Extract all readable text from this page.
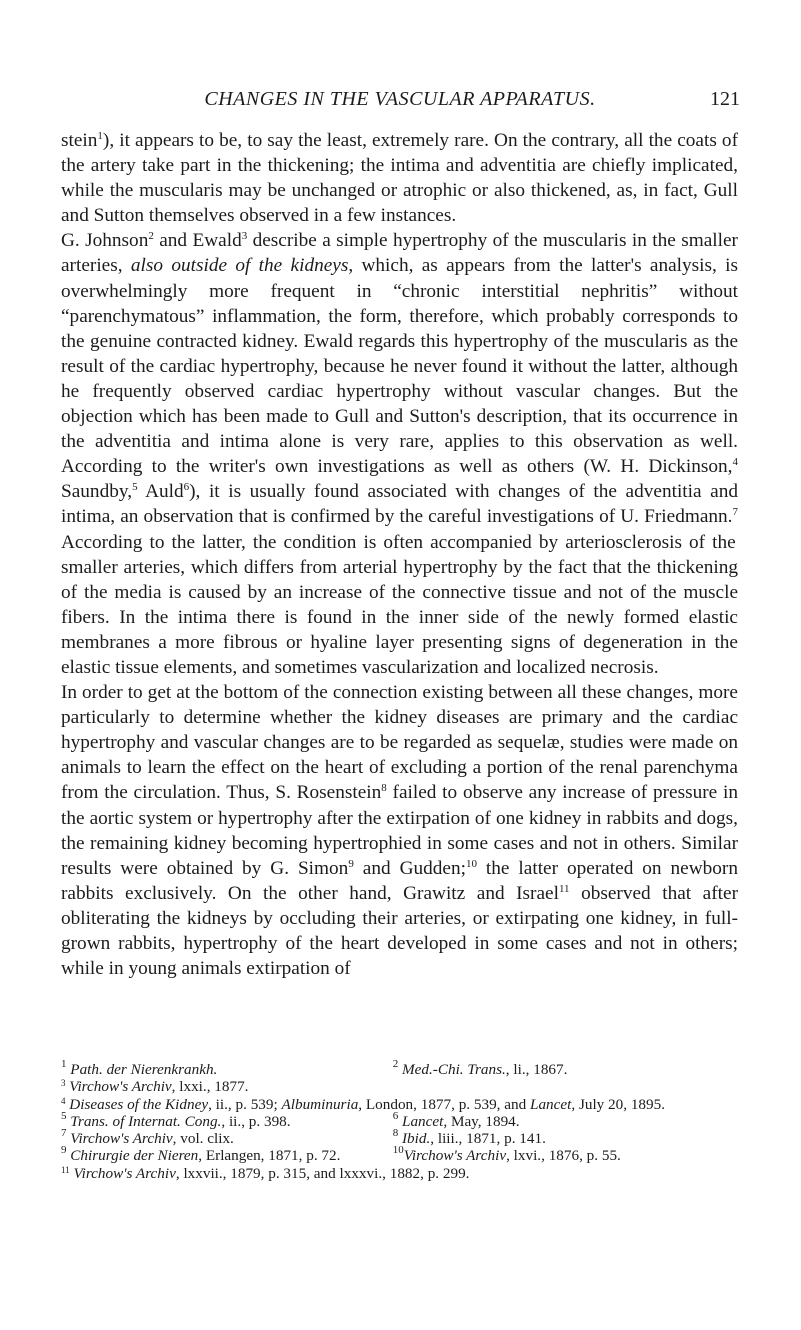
CHANGES IN THE VASCULAR APPARATUS.	121

stein$^1$), it appears to be, to say the least, extremely rare. On the contrary, all the coats of the artery take part in the thickening; the intima and adventitia are chiefly implicated, while the muscularis may be unchanged or atrophic or also thickened, as, in fact, Gull and Sutton themselves observed in a few instances.

G. Johnson$^2$ and Ewald$^3$ describe a simple hypertrophy of the muscularis in the smaller arteries, also outside of the kidneys, which, as appears from the latter's analysis, is overwhelmingly more frequent in “chronic interstitial nephritis” without “parenchymatous” inflammation, the form, therefore, which probably corresponds to the genuine contracted kidney. Ewald regards this hypertrophy of the muscularis as the result of the cardiac hypertrophy, because he never found it without the latter, although he frequently observed cardiac hypertrophy without vascular changes. But the objection which has been made to Gull and Sutton's description, that its occurrence in the adventitia and intima alone is very rare, applies to this observation as well. According to the writer's own investigations as well as others (W. H. Dickinson,$^4$ Saundby,$^5$ Auld$^6$), it is usually found associated with changes of the adventitia and intima, an observation that is confirmed by the careful investigations of U. Friedmann.$^7$ According to the latter, the condition is often accompanied by arteriosclerosis of the smaller arteries, which differs from arterial hypertrophy by the fact that the thickening of the media is caused by an increase of the connective tissue and not of the muscle fibers. In the intima there is found in the inner side of the newly formed elastic membranes a more fibrous or hyaline layer presenting signs of degeneration in the elastic tissue elements, and sometimes vascularization and localized necrosis.

In order to get at the bottom of the connection existing between all these changes, more particularly to determine whether the kidney diseases are primary and the cardiac hypertrophy and vascular changes are to be regarded as sequelæ, studies were made on animals to learn the effect on the heart of excluding a portion of the renal parenchyma from the circulation. Thus, S. Rosenstein$^8$ failed to observe any increase of pressure in the aortic system or hypertrophy after the extirpation of one kidney in rabbits and dogs, the remaining kidney becoming hypertrophied in some cases and not in others. Similar results were obtained by G. Simon$^9$ and Gudden;$^{10}$ the latter operated on newborn rabbits exclusively. On the other hand, Grawitz and Israel$^{11}$ observed that after obliterating the kidneys by occluding their arteries, or extirpating one kidney, in full-grown rabbits, hypertrophy of the heart developed in some cases and not in others; while in young animals extirpation of

$^1$ Path. der Nierenkrankh.	$^2$ Med.-Chi. Trans., li., 1867.
$^3$ Virchow's Archiv, lxxi., 1877.
$^4$ Diseases of the Kidney, ii., p. 539; Albuminuria, London, 1877, p. 539, and Lancet, July 20, 1895.
$^5$ Trans. of Internat. Cong., ii., p. 398.	$^6$ Lancet, May, 1894.
$^7$ Virchow's Archiv, vol. clix.	$^8$ Ibid., liii., 1871, p. 141.
$^9$ Chirurgie der Nieren, Erlangen, 1871, p. 72.	$^{10}$Virchow's Archiv, lxvi., 1876, p. 55.
$^{11}$ Virchow's Archiv, lxxvii., 1879, p. 315, and lxxxvi., 1882, p. 299.
